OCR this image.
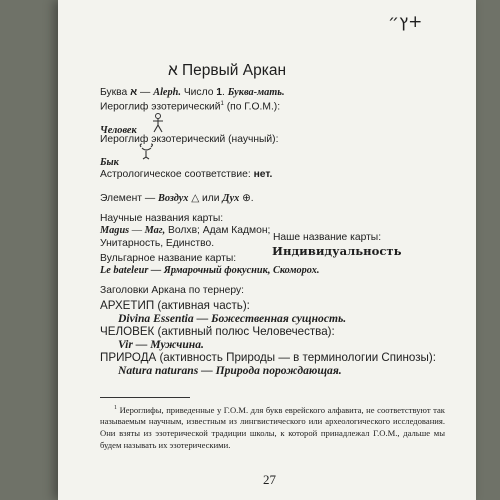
ץ״+
א Первый Аркан
Буква א — Aleph. Число 1. Буква-мать.
Иероглиф эзотерический$^1$ (по Г.О.М.):
Человек
Иероглиф экзотерический (научный):
Бык
Астрологическое соответствие: нет.
Элемент — Воздух △ или Дух ⊕.
Научные названия карты:
Magus — Маг, Волхв; Адам Кадмон;
Унитарность, Единство.
Наше название карты:
Индивидуальность
Вульгарное название карты:
Le bateleur — Ярмарочный фокусник, Скоморох.
Заголовки Аркана по тернеру:
АРХЕТИП (активная часть):
Divina Essentia — Божественная сущность.
ЧЕЛОВЕК (активный полюс Человечества):
Vir — Мужчина.
ПРИРОДА (активность Природы — в терминологии Спинозы):
Natura naturans — Природа порождающая.
$^1$ Иероглифы, приведенные у Г.О.М. для букв еврейского алфавита, не соответствуют так называемым научным, известным из лингвистического или археологического исследования. Они взяты из эзотерической традиции школы, к которой принадлежал Г.О.М., дальше мы будем называть их эзотерическими.
27
